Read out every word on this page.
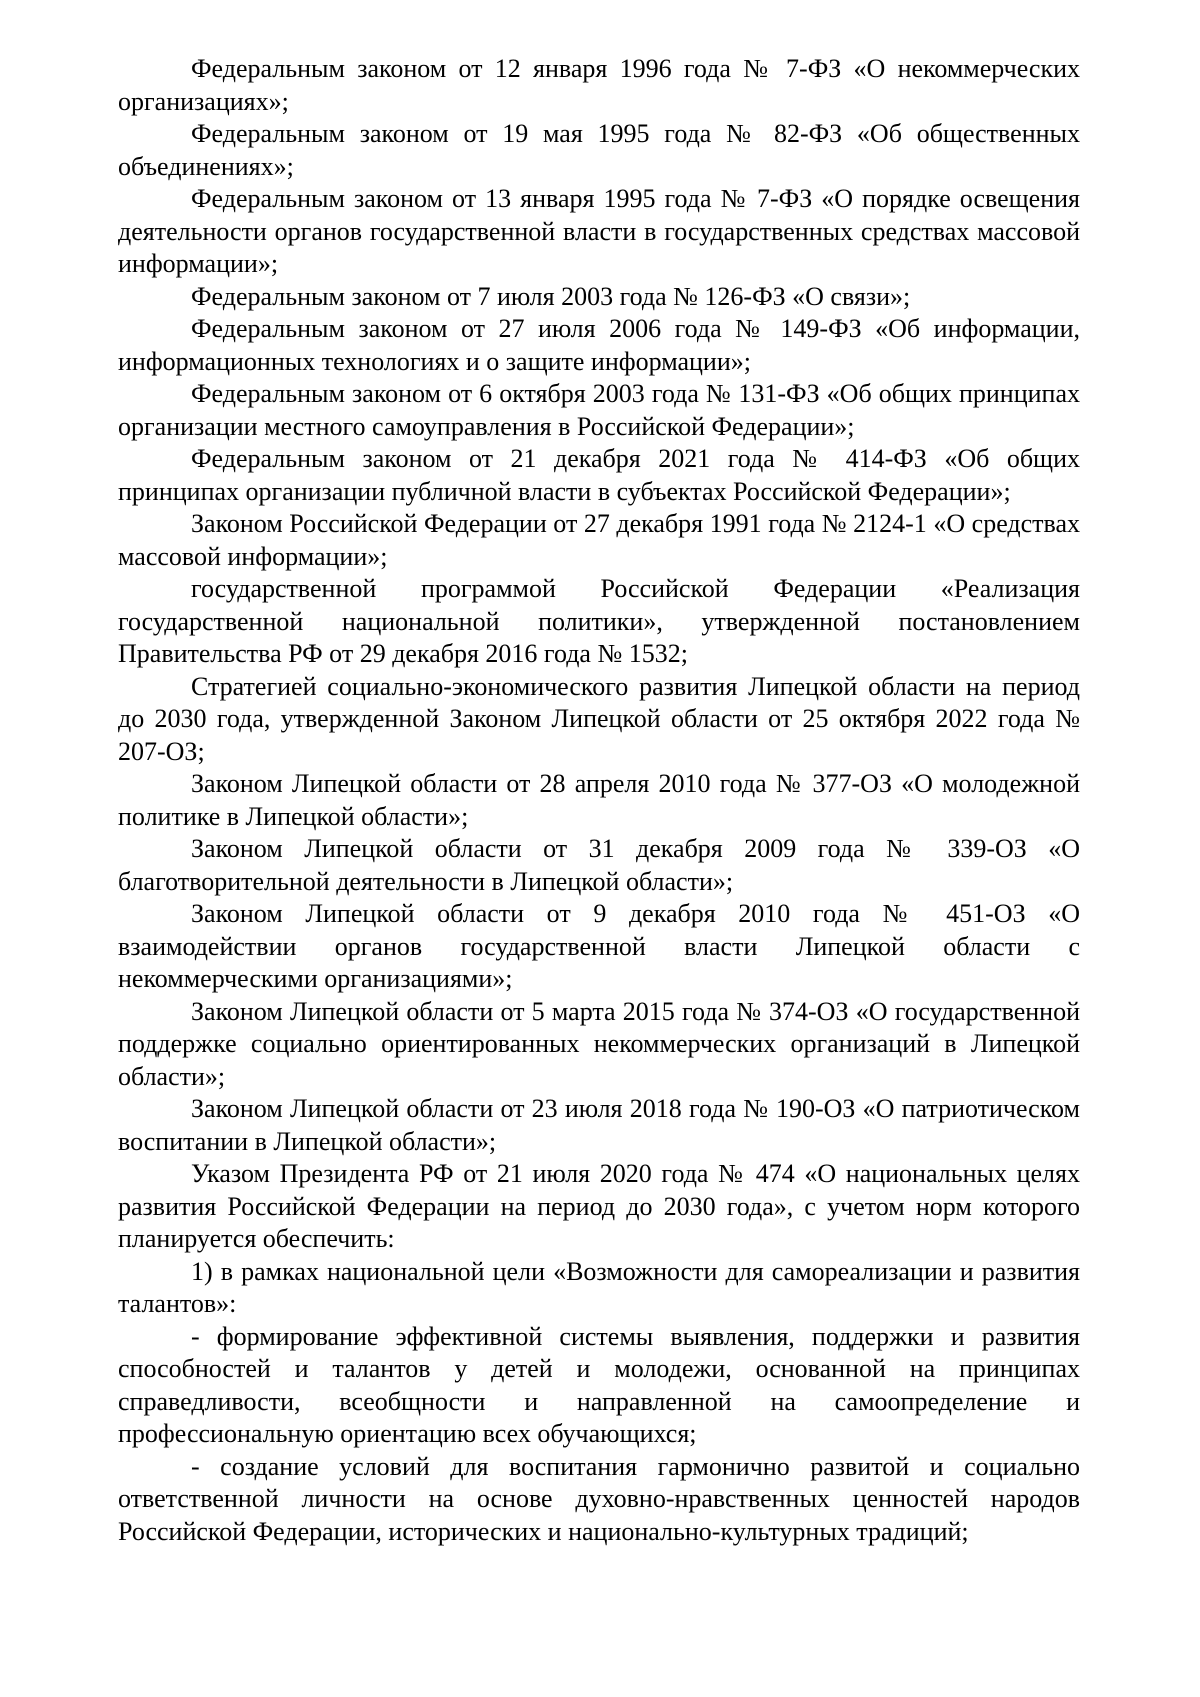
Федеральным законом от 12 января 1996 года № 7-ФЗ «О некоммерческих организациях»;

Федеральным законом от 19 мая 1995 года № 82-ФЗ «Об общественных объединениях»;

Федеральным законом от 13 января 1995 года № 7-ФЗ «О порядке освещения деятельности органов государственной власти в государственных средствах массовой информации»;

Федеральным законом от 7 июля 2003 года № 126-ФЗ «О связи»;

Федеральным законом от 27 июля 2006 года № 149-ФЗ «Об информации, информационных технологиях и о защите информации»;

Федеральным законом от 6 октября 2003 года № 131-ФЗ «Об общих принципах организации местного самоуправления в Российской Федерации»;

Федеральным законом от 21 декабря 2021 года № 414-ФЗ «Об общих принципах организации публичной власти в субъектах Российской Федерации»;

Законом Российской Федерации от 27 декабря 1991 года № 2124-1 «О средствах массовой информации»;

государственной программой Российской Федерации «Реализация государственной национальной политики», утвержденной постановлением Правительства РФ от 29 декабря 2016 года № 1532;

Стратегией социально-экономического развития Липецкой области на период до 2030 года, утвержденной Законом Липецкой области от 25 октября 2022 года № 207-ОЗ;

Законом Липецкой области от 28 апреля 2010 года № 377-ОЗ «О молодежной политике в Липецкой области»;

Законом Липецкой области от 31 декабря 2009 года № 339-ОЗ «О благотворительной деятельности в Липецкой области»;

Законом Липецкой области от 9 декабря 2010 года № 451-ОЗ «О взаимодействии органов государственной власти Липецкой области с некоммерческими организациями»;

Законом Липецкой области от 5 марта 2015 года № 374-ОЗ «О государственной поддержке социально ориентированных некоммерческих организаций в Липецкой области»;

Законом Липецкой области от 23 июля 2018 года № 190-ОЗ «О патриотическом воспитании в Липецкой области»;

Указом Президента РФ от 21 июля 2020 года № 474 «О национальных целях развития Российской Федерации на период до 2030 года», с учетом норм которого планируется обеспечить:

1) в рамках национальной цели «Возможности для самореализации и развития талантов»:

- формирование эффективной системы выявления, поддержки и развития способностей и талантов у детей и молодежи, основанной на принципах справедливости, всеобщности и направленной на самоопределение и профессиональную ориентацию всех обучающихся;

- создание условий для воспитания гармонично развитой и социально ответственной личности на основе духовно-нравственных ценностей народов Российской Федерации, исторических и национально-культурных традиций;
